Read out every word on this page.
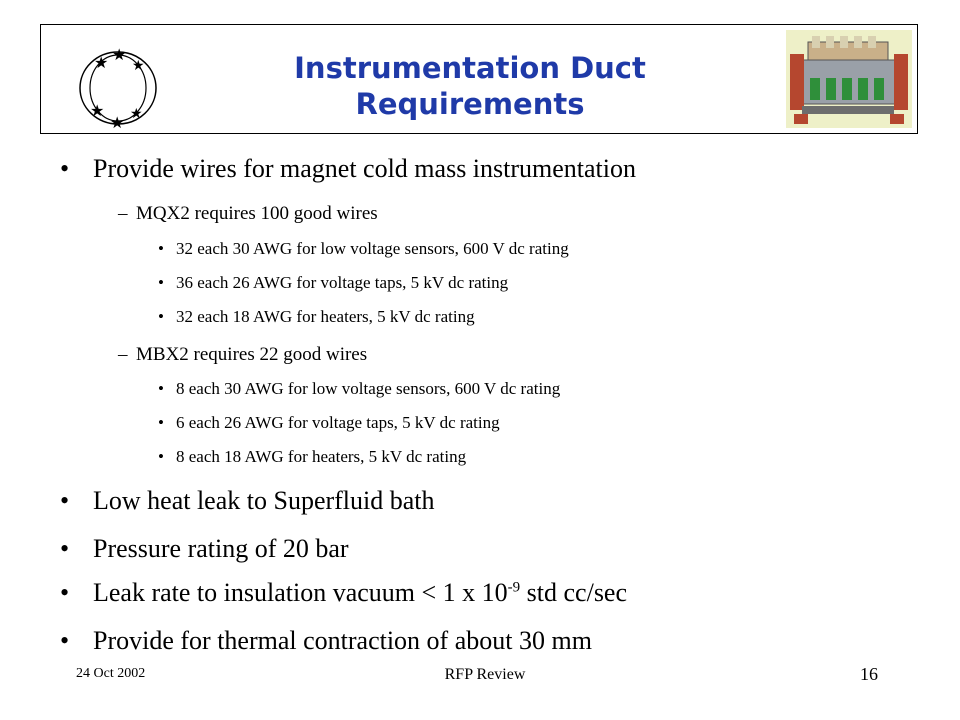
★ ★
★
★
★ ★
Instrumentation Duct
Requirements
• Provide wires for magnet cold mass instrumentation
– MQX2 requires 100 good wires
• 32 each 30 AWG for low voltage sensors, 600 V dc rating
• 36 each 26 AWG for voltage taps, 5 kV dc rating
• 32 each 18 AWG for heaters, 5 kV dc rating
– MBX2 requires 22 good wires
• 8 each 30 AWG for low voltage sensors, 600 V dc rating
• 6 each 26 AWG for voltage taps, 5 kV dc rating
• 8 each 18 AWG for heaters, 5 kV dc rating
• Low heat leak to Superfluid bath
• Pressure rating of 20 bar
• Leak rate to insulation vacuum < 1 x $10^{-9}$ std cc/sec
• Provide for thermal contraction of about 30 mm
24 Oct 2002	RFP Review	16
